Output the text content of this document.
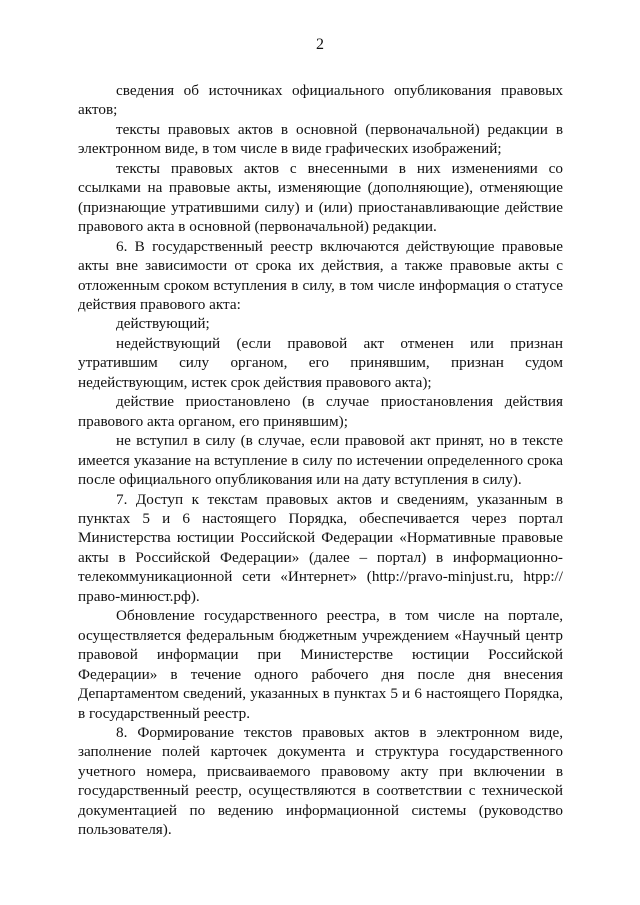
2

сведения об источниках официального опубликования правовых актов;

тексты правовых актов в основной (первоначальной) редакции в электронном виде, в том числе в виде графических изображений;

тексты правовых актов с внесенными в них изменениями со ссылками на правовые акты, изменяющие (дополняющие), отменяющие (признающие утратившими силу) и (или) приостанавливающие действие правового акта в основной (первоначальной) редакции.

6. В государственный реестр включаются действующие правовые акты вне зависимости от срока их действия, а также правовые акты с отложенным сроком вступления в силу, в том числе информация о статусе действия правового акта:

действующий;

недействующий (если правовой акт отменен или признан утратившим силу органом, его принявшим, признан судом недействующим, истек срок действия правового акта);

действие приостановлено (в случае приостановления действия правового акта органом, его принявшим);

не вступил в силу (в случае, если правовой акт принят, но в тексте имеется указание на вступление в силу по истечении определенного срока после официального опубликования или на дату вступления в силу).

7. Доступ к текстам правовых актов и сведениям, указанным в пунктах 5 и 6 настоящего Порядка, обеспечивается через портал Министерства юстиции Российской Федерации «Нормативные правовые акты в Российской Федерации» (далее – портал) в информационно-телекоммуникационной сети «Интернет» (http://pravo-minjust.ru, htpp://право-минюст.рф).

Обновление государственного реестра, в том числе на портале, осуществляется федеральным бюджетным учреждением «Научный центр правовой информации при Министерстве юстиции Российской Федерации» в течение одного рабочего дня после дня внесения Департаментом сведений, указанных в пунктах 5 и 6 настоящего Порядка, в государственный реестр.

8. Формирование текстов правовых актов в электронном виде, заполнение полей карточек документа и структура государственного учетного номера, присваиваемого правовому акту при включении в государственный реестр, осуществляются в соответствии с технической документацией по ведению информационной системы (руководство пользователя).
